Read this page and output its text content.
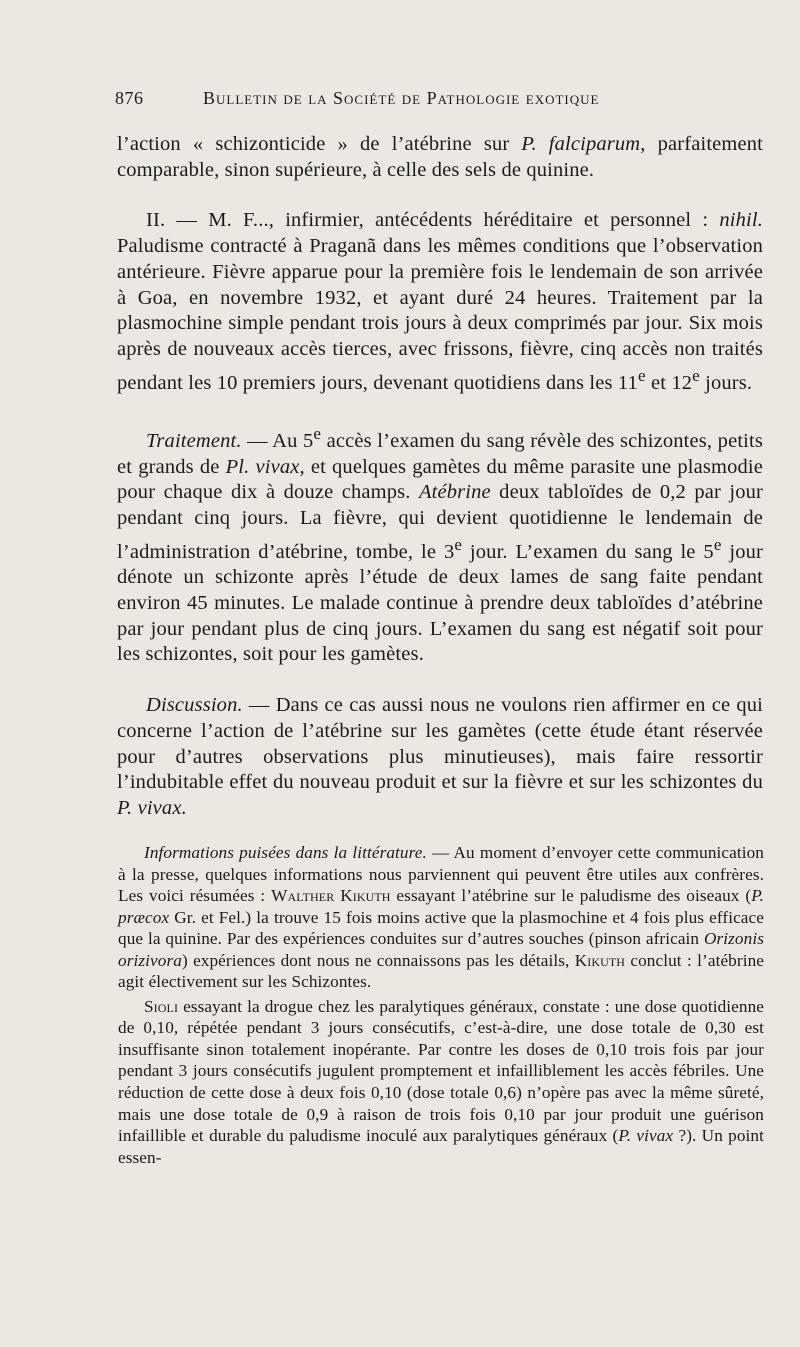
876	Bulletin de la Société de Pathologie exotique

l’action « schizonticide » de l’atébrine sur P. falciparum, parfaitement comparable, sinon supérieure, à celle des sels de quinine.

II. — M. F..., infirmier, antécédents héréditaire et personnel : nihil. Paludisme contracté à Praganã dans les mêmes conditions que l’observation antérieure. Fièvre apparue pour la première fois le lendemain de son arrivée à Goa, en novembre 1932, et ayant duré 24 heures. Traitement par la plasmochine simple pendant trois jours à deux comprimés par jour. Six mois après de nouveaux accès tierces, avec frissons, fièvre, cinq accès non traités pendant les 10 premiers jours, devenant quotidiens dans les 11e et 12e jours.

Traitement. — Au 5e accès l’examen du sang révèle des schizontes, petits et grands de Pl. vivax, et quelques gamètes du même parasite une plasmodie pour chaque dix à douze champs. Atébrine deux tabloïdes de 0,2 par jour pendant cinq jours. La fièvre, qui devient quotidienne le lendemain de l’administration d’atébrine, tombe, le 3e jour. L’examen du sang le 5e jour dénote un schizonte après l’étude de deux lames de sang faite pendant environ 45 minutes. Le malade continue à prendre deux tabloïdes d’atébrine par jour pendant plus de cinq jours. L’examen du sang est négatif soit pour les schizontes, soit pour les gamètes.

Discussion. — Dans ce cas aussi nous ne voulons rien affirmer en ce qui concerne l’action de l’atébrine sur les gamètes (cette étude étant réservée pour d’autres observations plus minutieuses), mais faire ressortir l’indubitable effet du nouveau produit et sur la fièvre et sur les schizontes du P. vivax.

Informations puisées dans la littérature. — Au moment d’envoyer cette communication à la presse, quelques informations nous parviennent qui peuvent être utiles aux confrères. Les voici résumées : Walther Kikuth essayant l’atébrine sur le paludisme des oiseaux (P. præcox Gr. et Fel.) la trouve 15 fois moins active que la plasmochine et 4 fois plus efficace que la quinine. Par des expériences conduites sur d’autres souches (pinson africain Orizonis orizivora) expériences dont nous ne connaissons pas les détails, Kikuth conclut : l’atébrine agit électivement sur les Schizontes.

Sioli essayant la drogue chez les paralytiques généraux, constate : une dose quotidienne de 0,10, répétée pendant 3 jours consécutifs, c’est-à-dire, une dose totale de 0,30 est insuffisante sinon totalement inopérante. Par contre les doses de 0,10 trois fois par jour pendant 3 jours consécutifs jugulent promptement et infailliblement les accès fébriles. Une réduction de cette dose à deux fois 0,10 (dose totale 0,6) n’opère pas avec la même sûreté, mais une dose totale de 0,9 à raison de trois fois 0,10 par jour produit une guérison infaillible et durable du paludisme inoculé aux paralytiques généraux (P. vivax ?). Un point essen-
